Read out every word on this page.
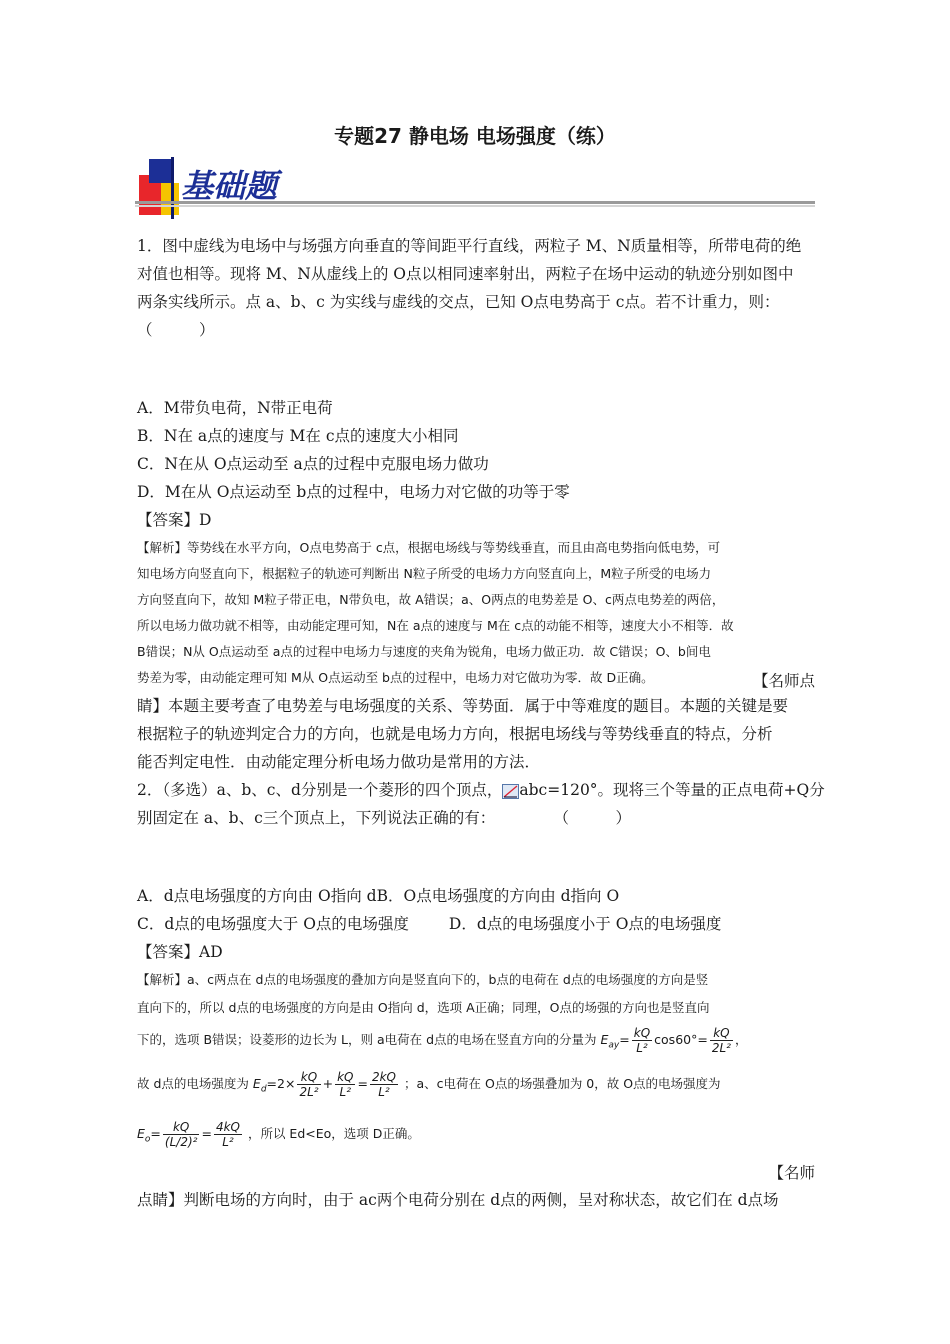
专题27 静电场 电场强度（练）
基础题
1．图中虚线为电场中与场强方向垂直的等间距平行直线，两粒子 M、N质量相等，所带电荷的绝
对值也相等。现将 M、N从虚线上的 O点以相同速率射出，两粒子在场中运动的轨迹分别如图中
两条实线所示。点 a、b、c 为实线与虚线的交点，已知 O点电势高于 c点。若不计重力，则：
（　　　）
A．M带负电荷，N带正电荷
B．N在 a点的速度与 M在 c点的速度大小相同
C．N在从 O点运动至 a点的过程中克服电场力做功
D．M在从 O点运动至 b点的过程中，电场力对它做的功等于零
【答案】D
【解析】等势线在水平方向，O点电势高于 c点，根据电场线与等势线垂直，而且由高电势指向低电势，可
知电场方向竖直向下，根据粒子的轨迹可判断出 N粒子所受的电场力方向竖直向上，M粒子所受的电场力
方向竖直向下，故知 M粒子带正电，N带负电，故 A错误；a、O两点的电势差是 O、c两点电势差的两倍，
所以电场力做功就不相等，由动能定理可知，N在 a点的速度与 M在 c点的动能不相等，速度大小不相等．故
B错误；N从 O点运动至 a点的过程中电场力与速度的夹角为锐角，电场力做正功．故 C错误；O、b间电
势差为零，由动能定理可知 M从 O点运动至 b点的过程中，电场力对它做功为零．故 D正确。	【名师点
睛】本题主要考查了电势差与电场强度的关系、等势面．属于中等难度的题目。本题的关键是要
根据粒子的轨迹判定合力的方向，也就是电场力方向，根据电场线与等势线垂直的特点，分析
能否判定电性．由动能定理分析电场力做功是常用的方法．
2．（多选）a、b、c、d分别是一个菱形的四个顶点， abc=120°。现将三个等量的正点电荷+Q分
别固定在 a、b、c三个顶点上，下列说法正确的有：	（　　　）
A．d点电场强度的方向由 O指向 dB．O点电场强度的方向由 d指向 O
C．d点的电场强度大于 O点的电场强度	D．d点的电场强度小于 O点的电场强度
【答案】AD
【解析】a、c两点在 d点的电场强度的叠加方向是竖直向下的，b点的电荷在 d点的电场强度的方向是竖
直向下的，所以 d点的电场强度的方向是由 O指向 d，选项 A正确；同理，O点的场强的方向也是竖直向
下的，选项 B错误；设菱形的边长为 L，则 a电荷在 d点的电场在竖直方向的分量为 $E_{ay}= \frac{kQ}{\text{L²}} \cos 60^\circ= \frac{kQ}{\text{2L²}}$ ，
故 d点的电场强度为 $E_d=2\times \frac{kQ}{\text{2L²}} + \frac{kQ}{\text{L²}} = \frac{2kQ}{\text{L²}}$ ；a、c电荷在 O点的场强叠加为 0，故 O点的电场强度为
$E_o= \frac{kQ}{\text{(L/2)²}} = \frac{4kQ}{\text{L²}}$ ，所以 Ed<Eo，选项 D正确。
【名师
点睛】判断电场的方向时，由于 ac两个电荷分别在 d点的两侧，呈对称状态，故它们在 d点场
